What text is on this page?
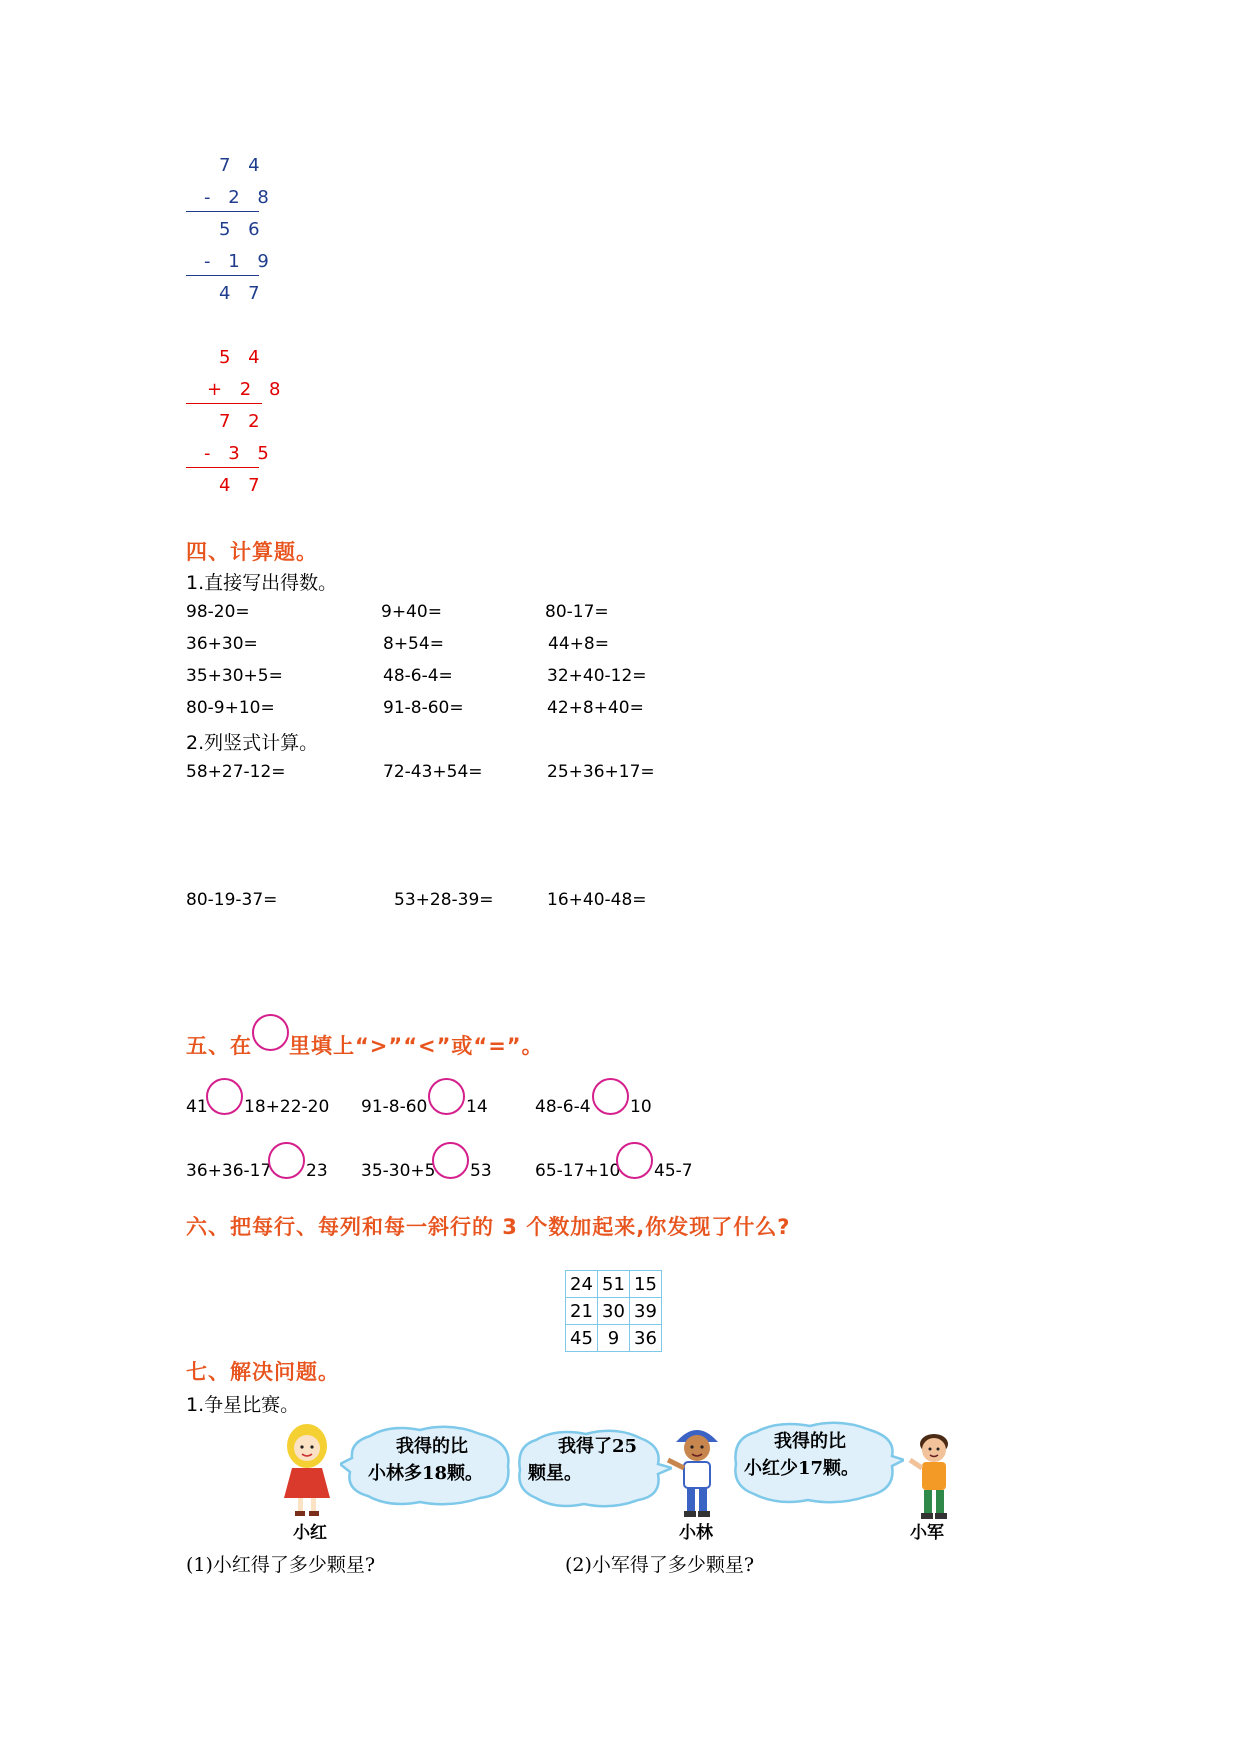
7 4
- 2 8
5 6
- 1 9
4 7
5 4
+ 2 8
7 2
- 3 5
4 7
四、计算题。
1.直接写出得数。
98-20=	9+40=	80-17=
36+30=	8+54=	44+8=
35+30+5=	48-6-4=	32+40-12=
80-9+10=	91-8-60=	42+8+40=
2.列竖式计算。
58+27-12=	72-43+54=	25+36+17=
80-19-37=	53+28-39=	16+40-48=
五、在 里填上“>”“<”或“=”。
41 18+22-20 91-8-60 14	48-6-4 10
36+36-17 23 35-30+5 53	65-17+10 45-7
六、把每行、每列和每一斜行的 3 个数加起来,你发现了什么?
24	51	15
21	30	39
45	9	36
七、解决问题。
1.争星比赛。
我得的比
小林多18颗。
我得了25
颗星。
我得的比
小红少17颗。
小红	小林	小军
(1)小红得了多少颗星?	(2)小军得了多少颗星?
